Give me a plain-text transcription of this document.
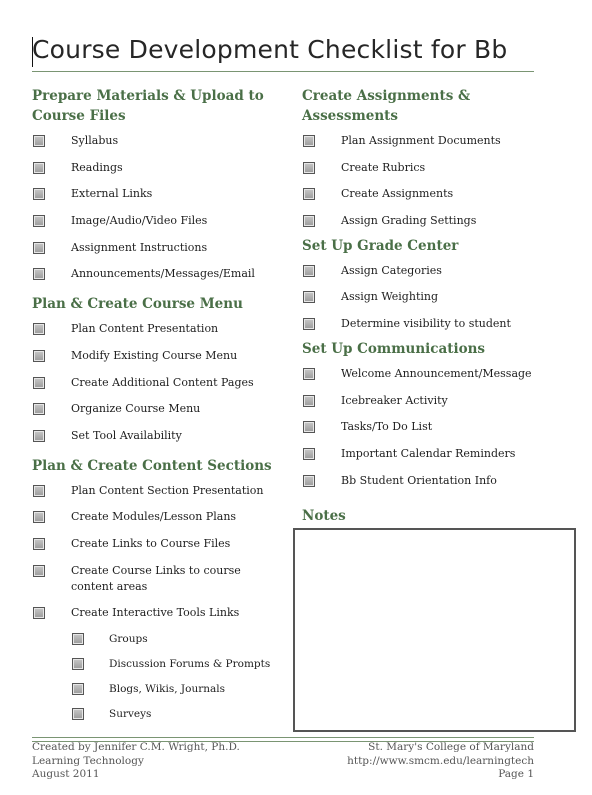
Course Development Checklist for Bb
Prepare Materials & Upload to Course Files
Syllabus
Readings
External Links
Image/Audio/Video Files
Assignment Instructions
Announcements/Messages/Email
Plan & Create Course Menu
Plan Content Presentation
Modify Existing Course Menu
Create Additional Content Pages
Organize Course Menu
Set Tool Availability
Plan & Create Content Sections
Plan Content Section Presentation
Create Modules/Lesson Plans
Create Links to Course Files
Create Course Links to course content areas
Create Interactive Tools Links
Groups
Discussion Forums & Prompts
Blogs, Wikis, Journals
Surveys
Create Assignments & Assessments
Plan Assignment Documents
Create Rubrics
Create Assignments
Assign Grading Settings
Set Up Grade Center
Assign Categories
Assign Weighting
Determine visibility to student
Set Up Communications
Welcome Announcement/Message
Icebreaker Activity
Tasks/To Do List
Important Calendar Reminders
Bb Student Orientation Info
Notes
Created by Jennifer C.M. Wright, Ph.D.
Learning Technology
August 2011
St. Mary's College of Maryland
http://www.smcm.edu/learningtech
Page 1
